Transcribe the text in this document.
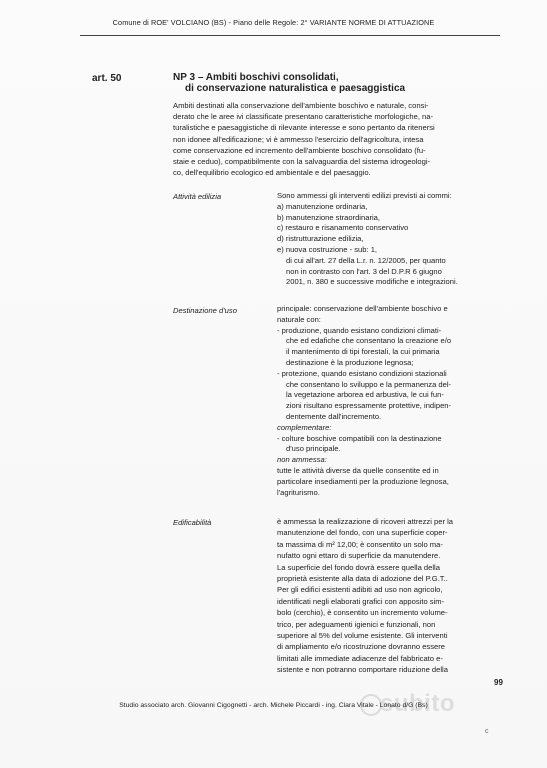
Comune di ROE' VOLCIANO (BS) - Piano delle Regole: 2° VARIANTE NORME DI ATTUAZIONE
art. 50	NP 3 – Ambiti boschivi consolidati,
di conservazione naturalistica e paesaggistica
Ambiti destinati alla conservazione dell'ambiente boschivo e naturale, consi-
derato che le aree ivi classificate presentano caratteristiche morfologiche, na-
turalistiche e paesaggistiche di rilevante interesse e sono pertanto da ritenersi
non idonee all'edificazione; vi è ammesso l'esercizio dell'agricoltura, intesa
come conservazione ed incremento dell'ambiente boschivo consolidato (fu-
staie e ceduo), compatibilmente con la salvaguardia del sistema idrogeologi-
co, dell'equilibrio ecologico ed ambientale e del paesaggio.
Attività edilizia	Sono ammessi gli interventi edilizi previsti ai commi:
a) manutenzione ordinaria,
b) manutenzione straordinaria,
c) restauro e risanamento conservativo
d) ristrutturazione edilizia,
e) nuova costruzione - sub: 1,
di cui all'art. 27 della L.r. n. 12/2005, per quanto
non in contrasto con l'art. 3 del D.P.R 6 giugno
2001, n. 380 e successive modifiche e integrazioni.
Destinazione d'uso	principale: conservazione dell'ambiente boschivo e
naturale con:
- produzione, quando esistano condizioni climati-
che ed edafiche che consentano la creazione e/o
il mantenimento di tipi forestali, la cui primaria
destinazione è la produzione legnosa;
- protezione, quando esistano condizioni stazionali
che consentano lo sviluppo e la permanenza del-
la vegetazione arborea ed arbustiva, le cui fun-
zioni risultano espressamente protettive, indipen-
dentemente dall'incremento.
complementare:
- colture boschive compatibili con la destinazione
d'uso principale.
non ammessa:
tutte le attività diverse da quelle consentite ed in
particolare insediamenti per la produzione legnosa,
l'agriturismo.
Edificabilità	è ammessa la realizzazione di ricoveri attrezzi per la
manutenzione del fondo, con una superficie coper-
ta massima di m² 12,00; è consentito un solo ma-
nufatto ogni ettaro di superficie da manutendere.
La superficie del fondo dovrà essere quella della
proprietà esistente alla data di adozione del P.G.T..
Per gli edifici esistenti adibiti ad uso non agricolo,
identificati negli elaborati grafici con apposito sim-
bolo (cerchio), è consentito un incremento volume-
trico, per adeguamenti igienici e funzionali, non
superiore al 5% del volume esistente. Gli interventi
di ampliamento e/o ricostruzione dovranno essere
limitati alle immediate adiacenze del fabbricato e-
sistente e non potranno comportare riduzione della
99
subito
Studio associato arch. Giovanni Cigognetti - arch. Michele Piccardi - ing. Clara Vitale - Lonato d/G (Bs)
c
